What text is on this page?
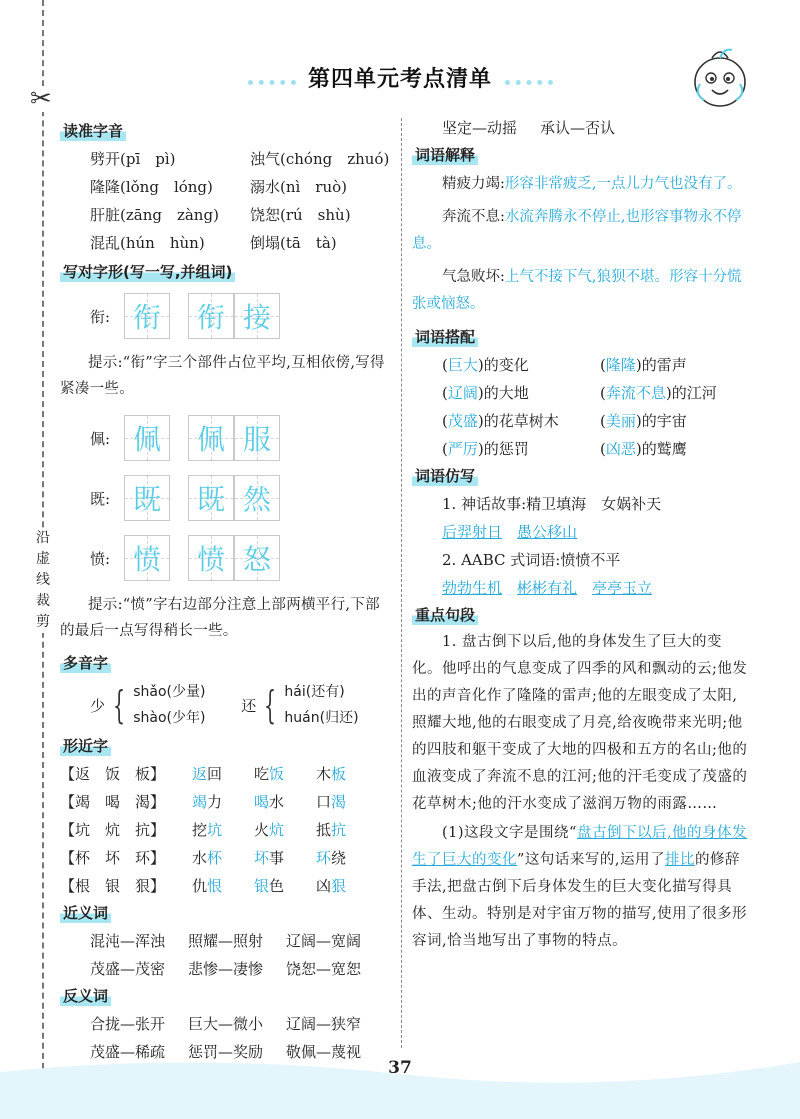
✂
沿
虚
线
裁
剪
第四单元考点清单
读准字音
劈开(pī　pì)	浊气(chóng　zhuó)
隆隆(lǒng　lóng) 溺水(nì　ruò)
肝脏(zāng　zàng) 饶恕(rú　shù)
混乱(hún　hùn)	倒塌(tā　tà)
写对字形(写一写,并组词)
衔: 衔 衔 接

提示:“衔”字三个部件占位平均,互相依傍,写得紧凑一些。

佩: 佩 佩 服
既: 既 既 然
愤: 愤 愤 怒

提示:“愤”字右边部分注意上部两横平行,下部的最后一点写得稍长一些。

多音字
少 { shǎo(少量)
shào(少年)
还 { hái(还有)
huán(归还)
形近字
【返　饭　板】 返回 吃饭 木板
【竭　喝　渴】 竭力 喝水 口渴
【坑　炕　抗】 挖坑 火炕 抵抗
【杯　坏　环】 水杯 坏事 环绕
【根　银　狠】 仇恨 银色 凶狠
近义词
混沌—浑浊 照耀—照射 辽阔—宽阔
茂盛—茂密 悲惨—凄惨 饶恕—宽恕
反义词
合拢—张开 巨大—微小 辽阔—狭窄
茂盛—稀疏 惩罚—奖励 敬佩—蔑视
坚定—动摇 承认—否认
词语解释

精疲力竭:形容非常疲乏,一点儿力气也没有了。

奔流不息:水流奔腾永不停止,也形容事物永不停息。

气急败坏:上气不接下气,狼狈不堪。形容十分慌张或恼怒。

词语搭配
(巨大)的变化	(隆隆)的雷声
(辽阔)的大地	(奔流不息)的江河
(茂盛)的花草树木	(美丽)的宇宙
(严厉)的惩罚	(凶恶)的鹫鹰
词语仿写
1. 神话故事:精卫填海　女娲补天
后羿射日　 愚公移山
2. AABC 式词语:愤愤不平
勃勃生机　 彬彬有礼　 亭亭玉立
重点句段

1. 盘古倒下以后,他的身体发生了巨大的变化。他呼出的气息变成了四季的风和飘动的云;他发出的声音化作了隆隆的雷声;他的左眼变成了太阳,照耀大地,他的右眼变成了月亮,给夜晚带来光明;他的四肢和躯干变成了大地的四极和五方的名山;他的血液变成了奔流不息的江河;他的汗毛变成了茂盛的花草树木;他的汗水变成了滋润万物的雨露……

(1)这段文字是围绕“盘古倒下以后,他的身体发生了巨大的变化”这句话来写的,运用了排比的修辞手法,把盘古倒下后身体发生的巨大变化描写得具体、生动。特别是对宇宙万物的描写,使用了很多形容词,恰当地写出了事物的特点。

37
